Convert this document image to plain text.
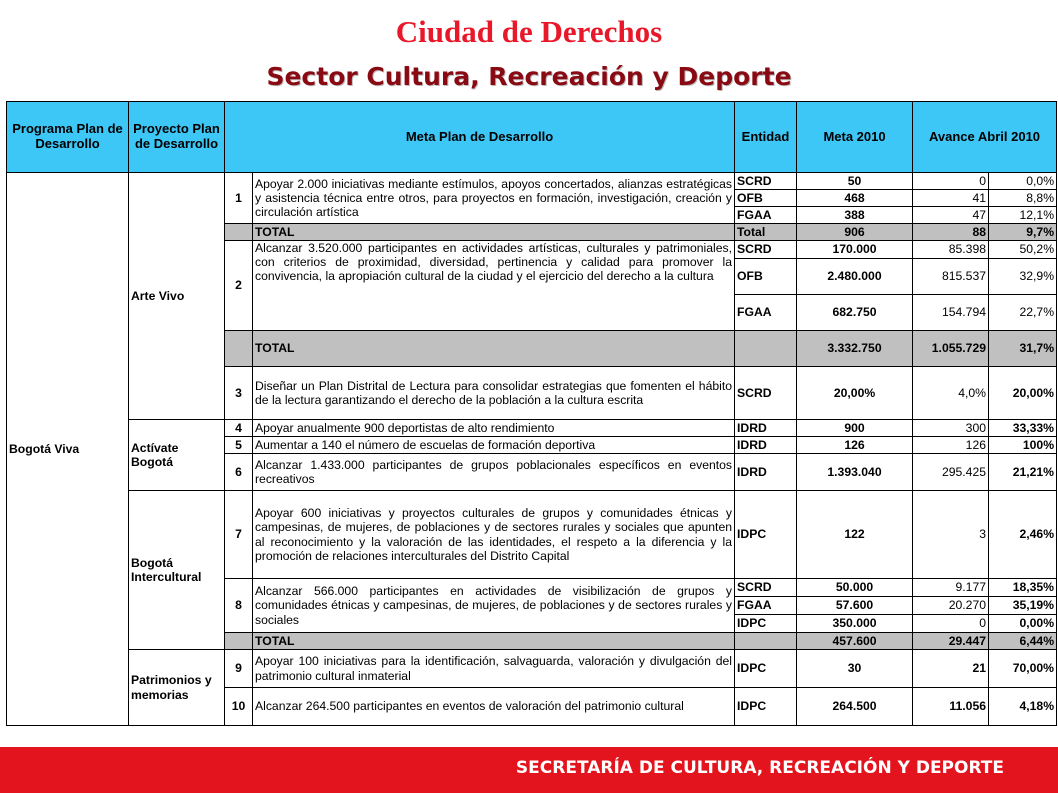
Ciudad de Derechos
Sector Cultura, Recreación y Deporte
Programa Plan de Desarrollo	Proyecto Plan de Desarrollo	Meta Plan de Desarrollo		Entidad	Meta 2010	Avance Abril 2010	
Bogotá Viva	Arte Vivo	1	Apoyar 2.000 iniciativas mediante estímulos, apoyos concertados, alianzas estratégicas y asistencia técnica entre otros, para proyectos en formación, investigación, creación y circulación artística	SCRD	50	0	0,0%
				OFB	468	41	8,8%
				FGAA	388	47	12,1%
			TOTAL	Total	906	88	9,7%
		2	Alcanzar 3.520.000 participantes en actividades artísticas, culturales y patrimoniales, con criterios de proximidad, diversidad, pertinencia y calidad para promover la convivencia, la apropiación cultural de la ciudad y el ejercicio del derecho a la cultura	SCRD	170.000	85.398	50,2%
				OFB	2.480.000	815.537	32,9%
				FGAA	682.750	154.794	22,7%
			TOTAL		3.332.750	1.055.729	31,7%
		3	Diseñar un Plan Distrital de Lectura para consolidar estrategias que fomenten el hábito de la lectura garantizando el derecho de la población a la cultura escrita	SCRD	20,00%	4,0%	20,00%
	Actívate Bogotá	4	Apoyar anualmente 900 deportistas de alto rendimiento	IDRD	900	300	33,33%
		5	Aumentar a 140 el número de escuelas de formación deportiva	IDRD	126	126	100%
		6	Alcanzar 1.433.000 participantes de grupos poblacionales específicos en eventos recreativos	IDRD	1.393.040	295.425	21,21%
	Bogotá Intercultural	7	Apoyar 600 iniciativas y proyectos culturales de grupos y comunidades étnicas y campesinas, de mujeres, de poblaciones y de sectores rurales y sociales que apunten al reconocimiento y la valoración de las identidades, el respeto a la diferencia y la promoción de relaciones interculturales del Distrito Capital	IDPC	122	3	2,46%
		8	Alcanzar 566.000 participantes en actividades de visibilización de grupos y comunidades étnicas y campesinas, de mujeres, de poblaciones y de sectores rurales y sociales	SCRD	50.000	9.177	18,35%
				FGAA	57.600	20.270	35,19%
				IDPC	350.000	0	0,00%
			TOTAL		457.600	29.447	6,44%
	Patrimonios y memorias	9	Apoyar 100 iniciativas para la identificación, salvaguarda, valoración y divulgación del patrimonio cultural inmaterial	IDPC	30	21	70,00%
		10	Alcanzar 264.500 participantes en eventos de valoración del patrimonio cultural	IDPC	264.500	11.056	4,18%
SECRETARÍA DE CULTURA, RECREACIÓN Y DEPORTE
